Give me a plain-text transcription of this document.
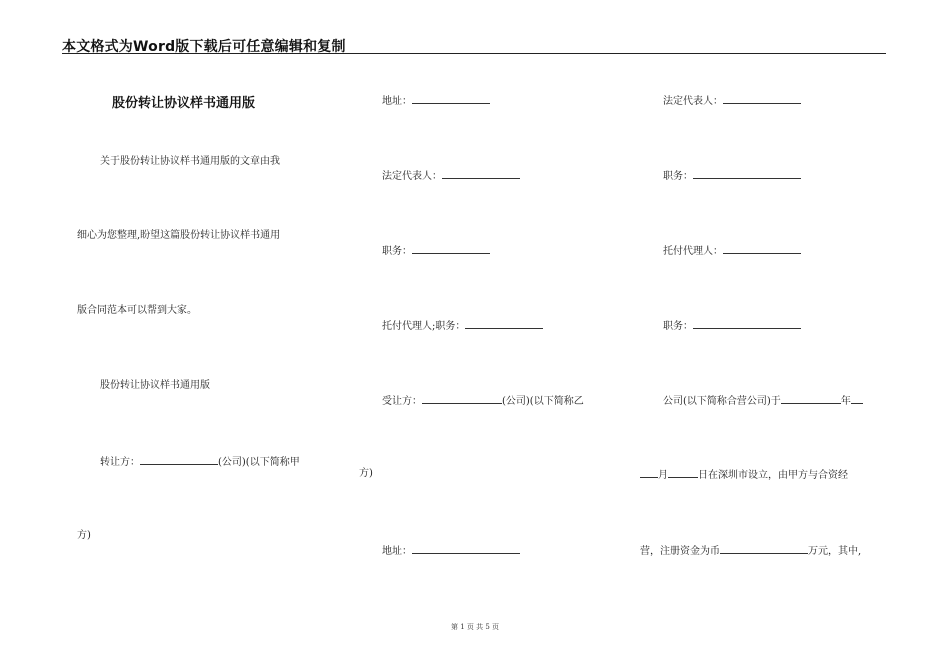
本文格式为Word版下载后可任意编辑和复制
股份转让协议样书通用版
关于股份转让协议样书通用版的文章由我
细心为您整理,盼望这篇股份转让协议样书通用
版合同范本可以帮到大家。
股份转让协议样书通用版
转让方：	(公司)(以下简称甲
方)
地址：
法定代表人：
职务：
托付代理人;职务：
受让方：	(公司)(以下简称乙
方)
地址：
法定代表人：
职务：
托付代理人：
职务：
公司(以下简称合营公司)于	年
月	日在深圳市设立，由甲方与合资经
营，注册资金为币	万元，其中,
第 1 页 共 5 页
